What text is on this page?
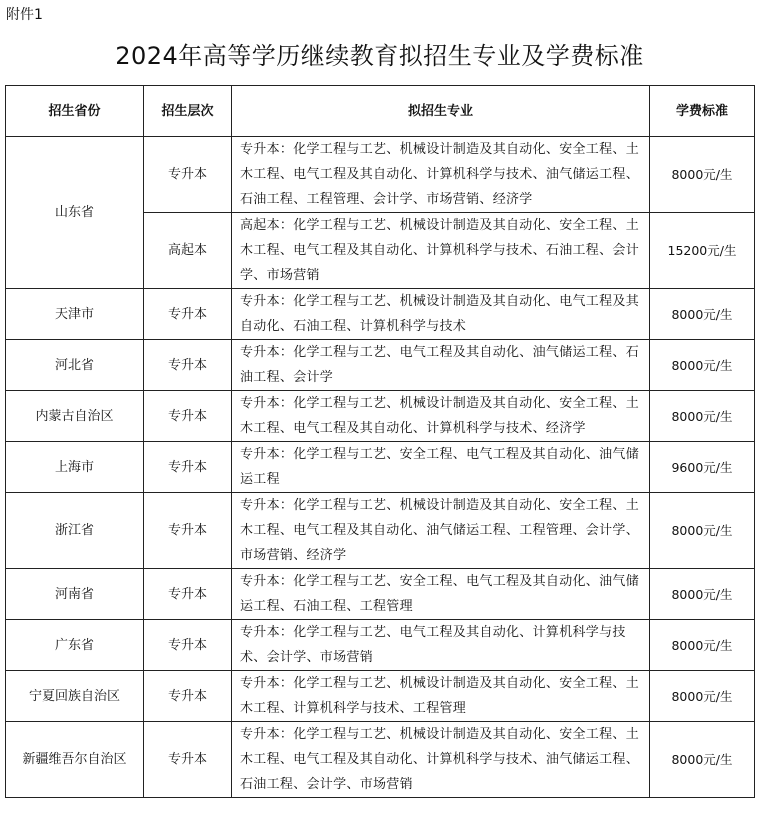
附件1
2024年高等学历继续教育拟招生专业及学费标准
招生省份	招生层次	拟招生专业	学费标准
山东省	专升本	专升本：化学工程与工艺、机械设计制造及其自动化、安全工程、土木工程、电气工程及其自动化、计算机科学与技术、油气储运工程、石油工程、工程管理、会计学、市场营销、经济学	8000元/生
	高起本	高起本：化学工程与工艺、机械设计制造及其自动化、安全工程、土木工程、电气工程及其自动化、计算机科学与技术、石油工程、会计学、市场营销	15200元/生
天津市	专升本	专升本：化学工程与工艺、机械设计制造及其自动化、电气工程及其自动化、石油工程、计算机科学与技术	8000元/生
河北省	专升本	专升本：化学工程与工艺、电气工程及其自动化、油气储运工程、石油工程、会计学	8000元/生
内蒙古自治区	专升本	专升本：化学工程与工艺、机械设计制造及其自动化、安全工程、土木工程、电气工程及其自动化、计算机科学与技术、经济学	8000元/生
上海市	专升本	专升本：化学工程与工艺、安全工程、电气工程及其自动化、油气储运工程	9600元/生
浙江省	专升本	专升本：化学工程与工艺、机械设计制造及其自动化、安全工程、土木工程、电气工程及其自动化、油气储运工程、工程管理、会计学、市场营销、经济学	8000元/生
河南省	专升本	专升本：化学工程与工艺、安全工程、电气工程及其自动化、油气储运工程、石油工程、工程管理	8000元/生
广东省	专升本	专升本：化学工程与工艺、电气工程及其自动化、计算机科学与技术、会计学、市场营销	8000元/生
宁夏回族自治区	专升本	专升本：化学工程与工艺、机械设计制造及其自动化、安全工程、土木工程、计算机科学与技术、工程管理	8000元/生
新疆维吾尔自治区	专升本	专升本：化学工程与工艺、机械设计制造及其自动化、安全工程、土木工程、电气工程及其自动化、计算机科学与技术、油气储运工程、石油工程、会计学、市场营销	8000元/生
